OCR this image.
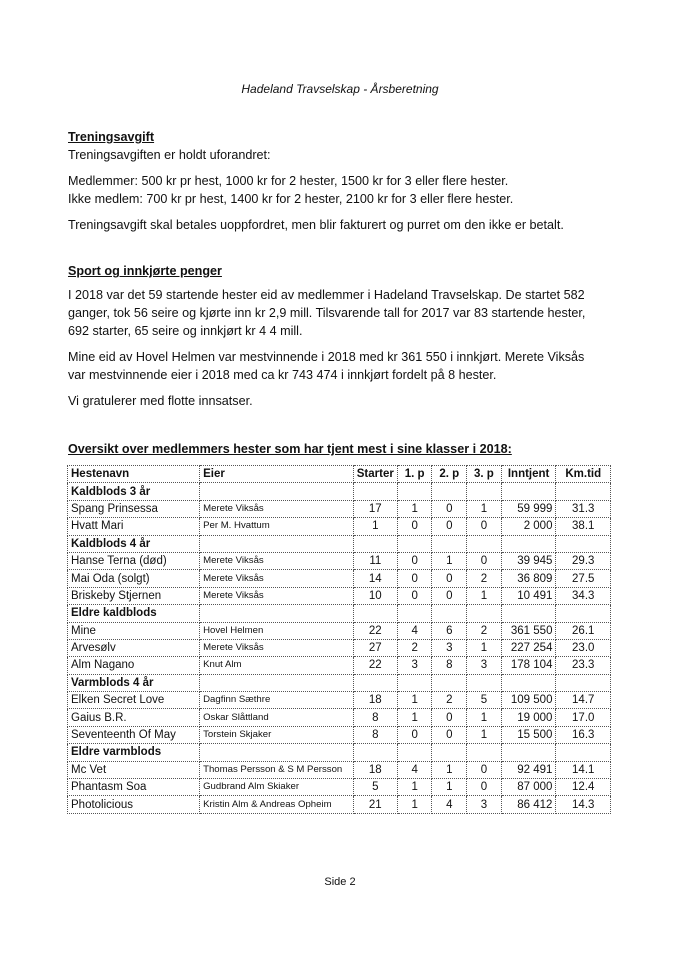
Hadeland Travselskap - Årsberetning

Treningsavgift

Treningsavgiften er holdt uforandret:

Medlemmer: 500 kr pr hest, 1000 kr for 2 hester, 1500 kr for 3 eller flere hester.

Ikke medlem: 700 kr pr hest, 1400 kr for 2 hester, 2100 kr for 3 eller flere hester.

Treningsavgift skal betales uoppfordret, men blir fakturert og purret om den ikke er betalt.

Sport og innkjørte penger

I 2018 var det 59 startende hester eid av medlemmer i Hadeland Travselskap. De startet 582 ganger, tok 56 seire og kjørte inn kr 2,9 mill. Tilsvarende tall for 2017 var 83 startende hester, 692 starter, 65 seire og innkjørt kr 4 4 mill.

Mine eid av Hovel Helmen var mestvinnende i 2018 med kr 361 550 i innkjørt. Merete Viksås var mestvinnende eier i 2018 med ca kr 743 474 i innkjørt fordelt på 8 hester.

Vi gratulerer med flotte innsatser.

Oversikt over medlemmers hester som har tjent mest i sine klasser i 2018:

Hestenavn	Eier	Starter	1. p	2. p	3. p	Inntjent	Km.tid
Kaldblods 3 år							
Spang Prinsessa	Merete Viksås	17	1	0	1	59 999	31.3
Hvatt Mari	Per M. Hvattum	1	0	0	0	2 000	38.1
Kaldblods 4 år							
Hanse Terna (død)	Merete Viksås	11	0	1	0	39 945	29.3
Mai Oda (solgt)	Merete Viksås	14	0	0	2	36 809	27.5
Briskeby Stjernen	Merete Viksås	10	0	0	1	10 491	34.3
Eldre kaldblods							
Mine	Hovel Helmen	22	4	6	2	361 550	26.1
Arvesølv	Merete Viksås	27	2	3	1	227 254	23.0
Alm Nagano	Knut Alm	22	3	8	3	178 104	23.3
Varmblods 4 år							
Elken Secret Love	Dagfinn Sæthre	18	1	2	5	109 500	14.7
Gaius B.R.	Oskar Slåttland	8	1	0	1	19 000	17.0
Seventeenth Of May	Torstein Skjaker	8	0	0	1	15 500	16.3
Eldre varmblods							
Mc Vet	Thomas Persson & S M Persson	18	4	1	0	92 491	14.1
Phantasm Soa	Gudbrand Alm Skiaker	5	1	1	0	87 000	12.4
Photolicious	Kristin Alm & Andreas Opheim	21	1	4	3	86 412	14.3
Side 2
